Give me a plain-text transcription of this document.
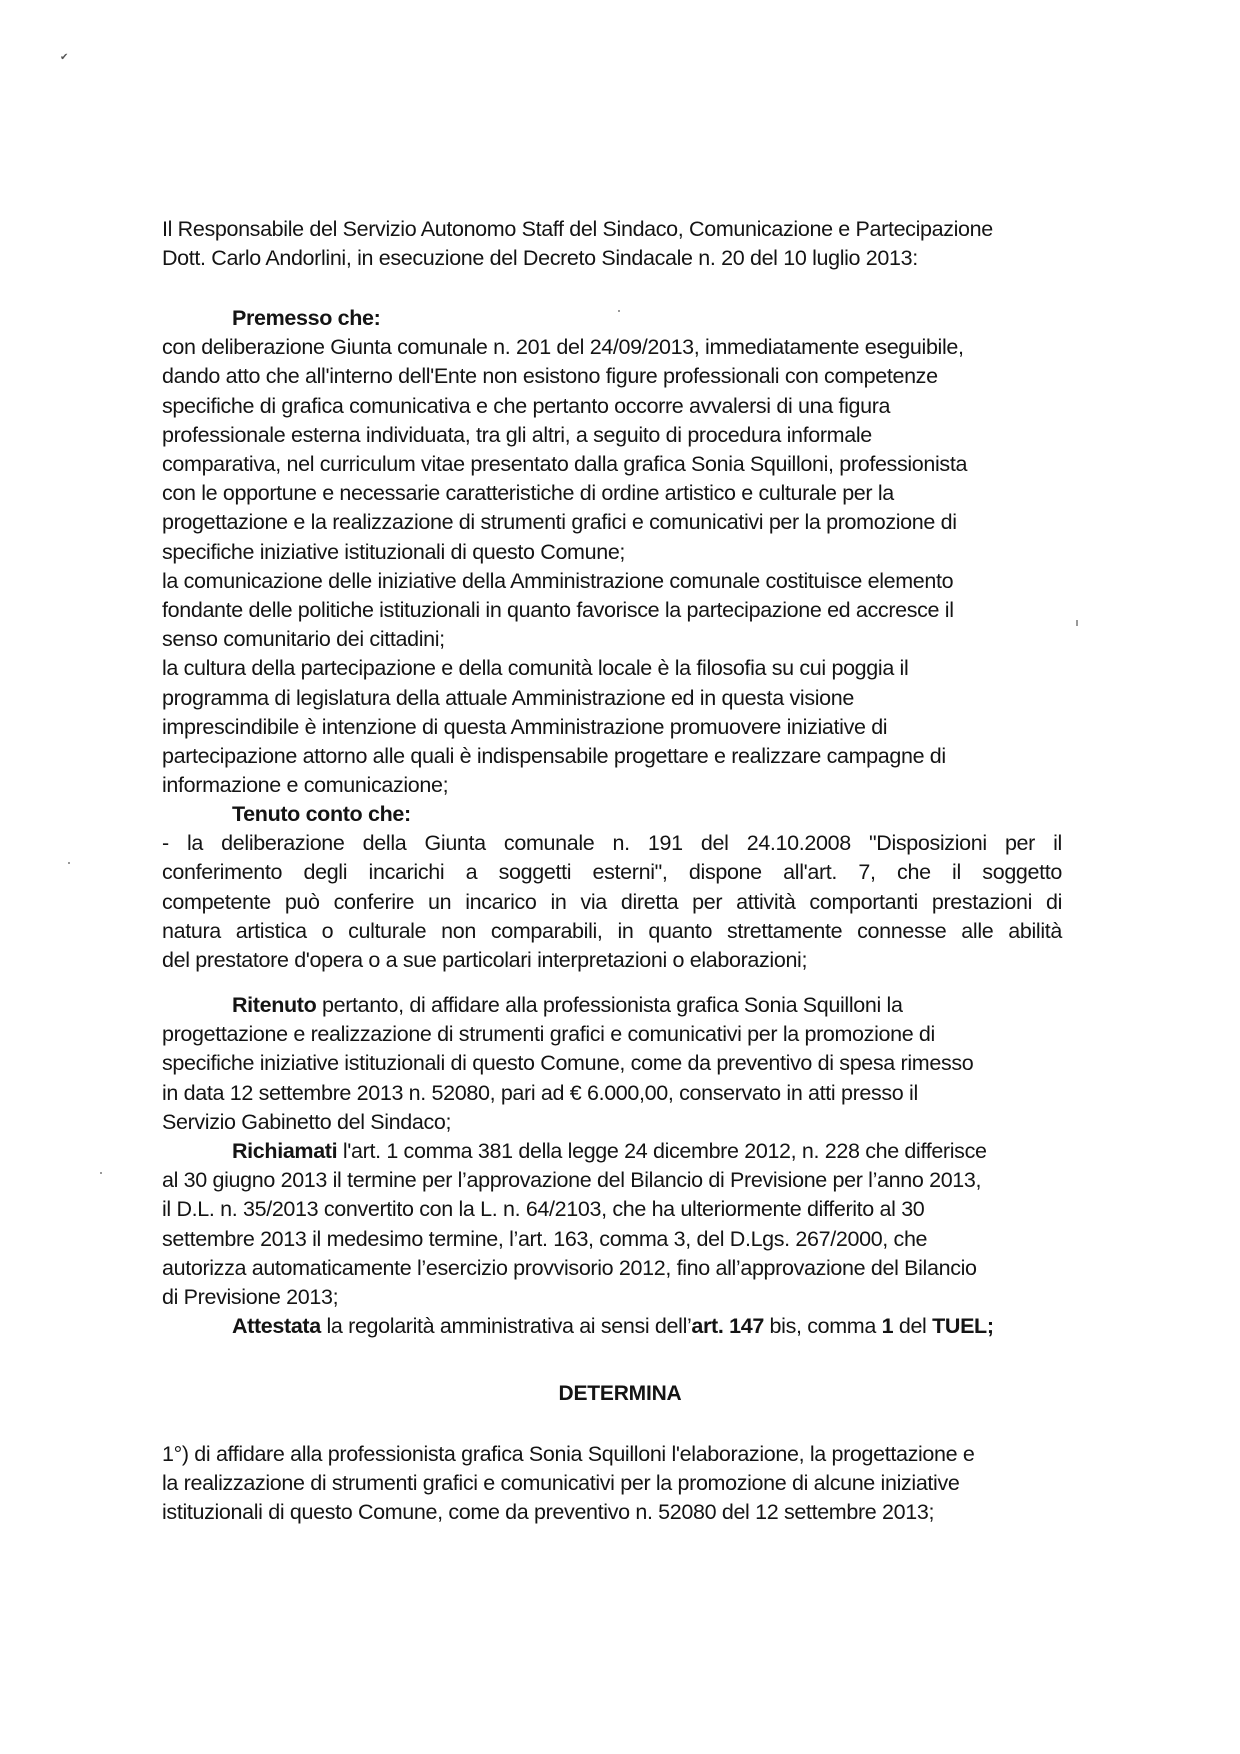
✔
Il Responsabile del Servizio Autonomo Staff del Sindaco, Comunicazione e Partecipazione
Dott. Carlo Andorlini, in esecuzione del Decreto Sindacale n. 20 del 10 luglio 2013:
Premesso che:
con deliberazione Giunta comunale n. 201 del 24/09/2013, immediatamente eseguibile,
dando atto che all'interno dell'Ente non esistono figure professionali con competenze
specifiche di grafica comunicativa e che pertanto occorre avvalersi di una figura
professionale esterna individuata, tra gli altri, a seguito di procedura informale
comparativa, nel curriculum vitae presentato dalla grafica Sonia Squilloni, professionista
con le opportune e necessarie caratteristiche di ordine artistico e culturale per la
progettazione e la realizzazione di strumenti grafici e comunicativi per la promozione di
specifiche iniziative istituzionali di questo Comune;
la comunicazione delle iniziative della Amministrazione comunale costituisce elemento
fondante delle politiche istituzionali in quanto favorisce la partecipazione ed accresce il
senso comunitario dei cittadini;
la cultura della partecipazione e della comunità locale è la filosofia su cui poggia il
programma di legislatura della attuale Amministrazione ed in questa visione
imprescindibile è intenzione di questa Amministrazione promuovere iniziative di
partecipazione attorno alle quali è indispensabile progettare e realizzare campagne di
informazione e comunicazione;
Tenuto conto che:
- la deliberazione della Giunta comunale n. 191 del 24.10.2008 "Disposizioni per il
conferimento degli incarichi a soggetti esterni", dispone all'art. 7, che il soggetto
competente può conferire un incarico in via diretta per attività comportanti prestazioni di
natura artistica o culturale non comparabili, in quanto strettamente connesse alle abilità
del prestatore d'opera o a sue particolari interpretazioni o elaborazioni;
Ritenuto pertanto, di affidare alla professionista grafica Sonia Squilloni la
progettazione e realizzazione di strumenti grafici e comunicativi per la promozione di
specifiche iniziative istituzionali di questo Comune, come da preventivo di spesa rimesso
in data 12 settembre 2013 n. 52080, pari ad € 6.000,00, conservato in atti presso il
Servizio Gabinetto del Sindaco;
Richiamati l'art. 1 comma 381 della legge 24 dicembre 2012, n. 228 che differisce
al 30 giugno 2013 il termine per l’approvazione del Bilancio di Previsione per l’anno 2013,
il D.L. n. 35/2013 convertito con la L. n. 64/2103, che ha ulteriormente differito al 30
settembre 2013 il medesimo termine, l’art. 163, comma 3, del D.Lgs. 267/2000, che
autorizza automaticamente l’esercizio provvisorio 2012, fino all’approvazione del Bilancio
di Previsione 2013;
Attestata la regolarità amministrativa ai sensi dell’art. 147 bis, comma 1 del TUEL;
DETERMINA
1°) di affidare alla professionista grafica Sonia Squilloni l'elaborazione, la progettazione e
la realizzazione di strumenti grafici e comunicativi per la promozione di alcune iniziative
istituzionali di questo Comune, come da preventivo n. 52080 del 12 settembre 2013;
